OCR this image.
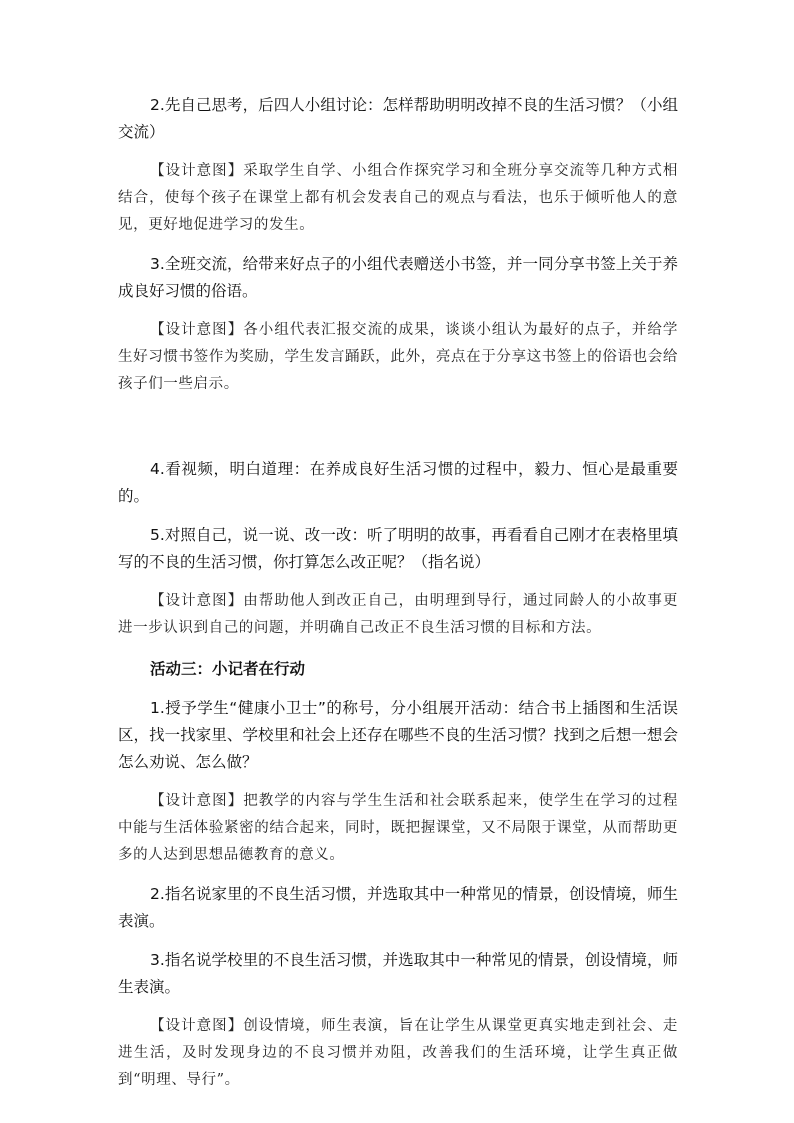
2.先自己思考，后四人小组讨论：怎样帮助明明改掉不良的生活习惯？（小组交流）

【设计意图】采取学生自学、小组合作探究学习和全班分享交流等几种方式相结合，使每个孩子在课堂上都有机会发表自己的观点与看法，也乐于倾听他人的意见，更好地促进学习的发生。

3.全班交流，给带来好点子的小组代表赠送小书签，并一同分享书签上关于养成良好习惯的俗语。

【设计意图】各小组代表汇报交流的成果，谈谈小组认为最好的点子，并给学生好习惯书签作为奖励，学生发言踊跃，此外，亮点在于分享这书签上的俗语也会给孩子们一些启示。

4.看视频，明白道理：在养成良好生活习惯的过程中，毅力、恒心是最重要的。

5.对照自己，说一说、改一改：听了明明的故事，再看看自己刚才在表格里填写的不良的生活习惯，你打算怎么改正呢？（指名说）

【设计意图】由帮助他人到改正自己，由明理到导行，通过同龄人的小故事更进一步认识到自己的问题，并明确自己改正不良生活习惯的目标和方法。

活动三：小记者在行动

1.授予学生“健康小卫士”的称号，分小组展开活动：结合书上插图和生活误区，找一找家里、学校里和社会上还存在哪些不良的生活习惯？找到之后想一想会怎么劝说、怎么做？

【设计意图】把教学的内容与学生生活和社会联系起来，使学生在学习的过程中能与生活体验紧密的结合起来，同时，既把握课堂，又不局限于课堂，从而帮助更多的人达到思想品德教育的意义。

2.指名说家里的不良生活习惯，并选取其中一种常见的情景，创设情境，师生表演。

3.指名说学校里的不良生活习惯，并选取其中一种常见的情景，创设情境，师生表演。

【设计意图】创设情境，师生表演，旨在让学生从课堂更真实地走到社会、走进生活，及时发现身边的不良习惯并劝阻，改善我们的生活环境，让学生真正做到“明理、导行”。
